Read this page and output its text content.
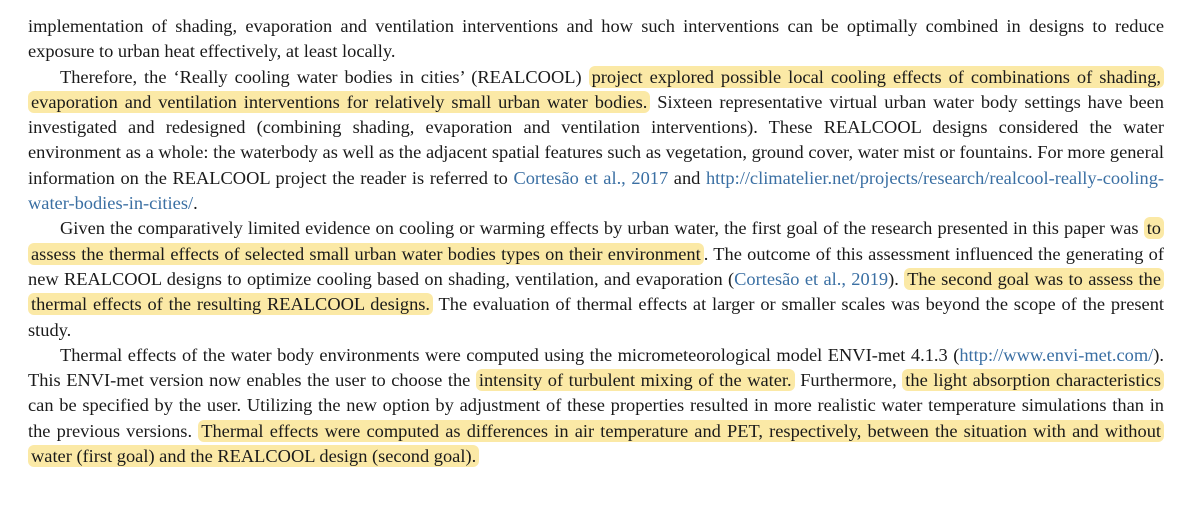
implementation of shading, evaporation and ventilation interventions and how such interventions can be optimally combined in designs to reduce exposure to urban heat effectively, at least locally.

Therefore, the ‘Really cooling water bodies in cities’ (REALCOOL) project explored possible local cooling effects of combinations of shading, evaporation and ventilation interventions for relatively small urban water bodies. Sixteen representative virtual urban water body settings have been investigated and redesigned (combining shading, evaporation and ventilation interventions). These REALCOOL designs considered the water environment as a whole: the waterbody as well as the adjacent spatial features such as vegetation, ground cover, water mist or fountains. For more general information on the REALCOOL project the reader is referred to Cortesão et al., 2017 and http://climatelier.net/projects/research/realcool-really-cooling-water-bodies-in-cities/.

Given the comparatively limited evidence on cooling or warming effects by urban water, the first goal of the research presented in this paper was to assess the thermal effects of selected small urban water bodies types on their environment . The outcome of this assessment influenced the generating of new REALCOOL designs to optimize cooling based on shading, ventilation, and evaporation (Cortesão et al., 2019). The second goal was to assess the thermal effects of the resulting REALCOOL designs. The evaluation of thermal effects at larger or smaller scales was beyond the scope of the present study.

Thermal effects of the water body environments were computed using the micrometeorological model ENVI-met 4.1.3 (http://www.envi-met.com/). This ENVI-met version now enables the user to choose the intensity of turbulent mixing of the water. Furthermore, the light absorption characteristics can be specified by the user. Utilizing the new option by adjustment of these properties resulted in more realistic water temperature simulations than in the previous versions. Thermal effects were computed as differences in air temperature and PET, respectively, between the situation with and without water (first goal) and the REALCOOL design (second goal).
